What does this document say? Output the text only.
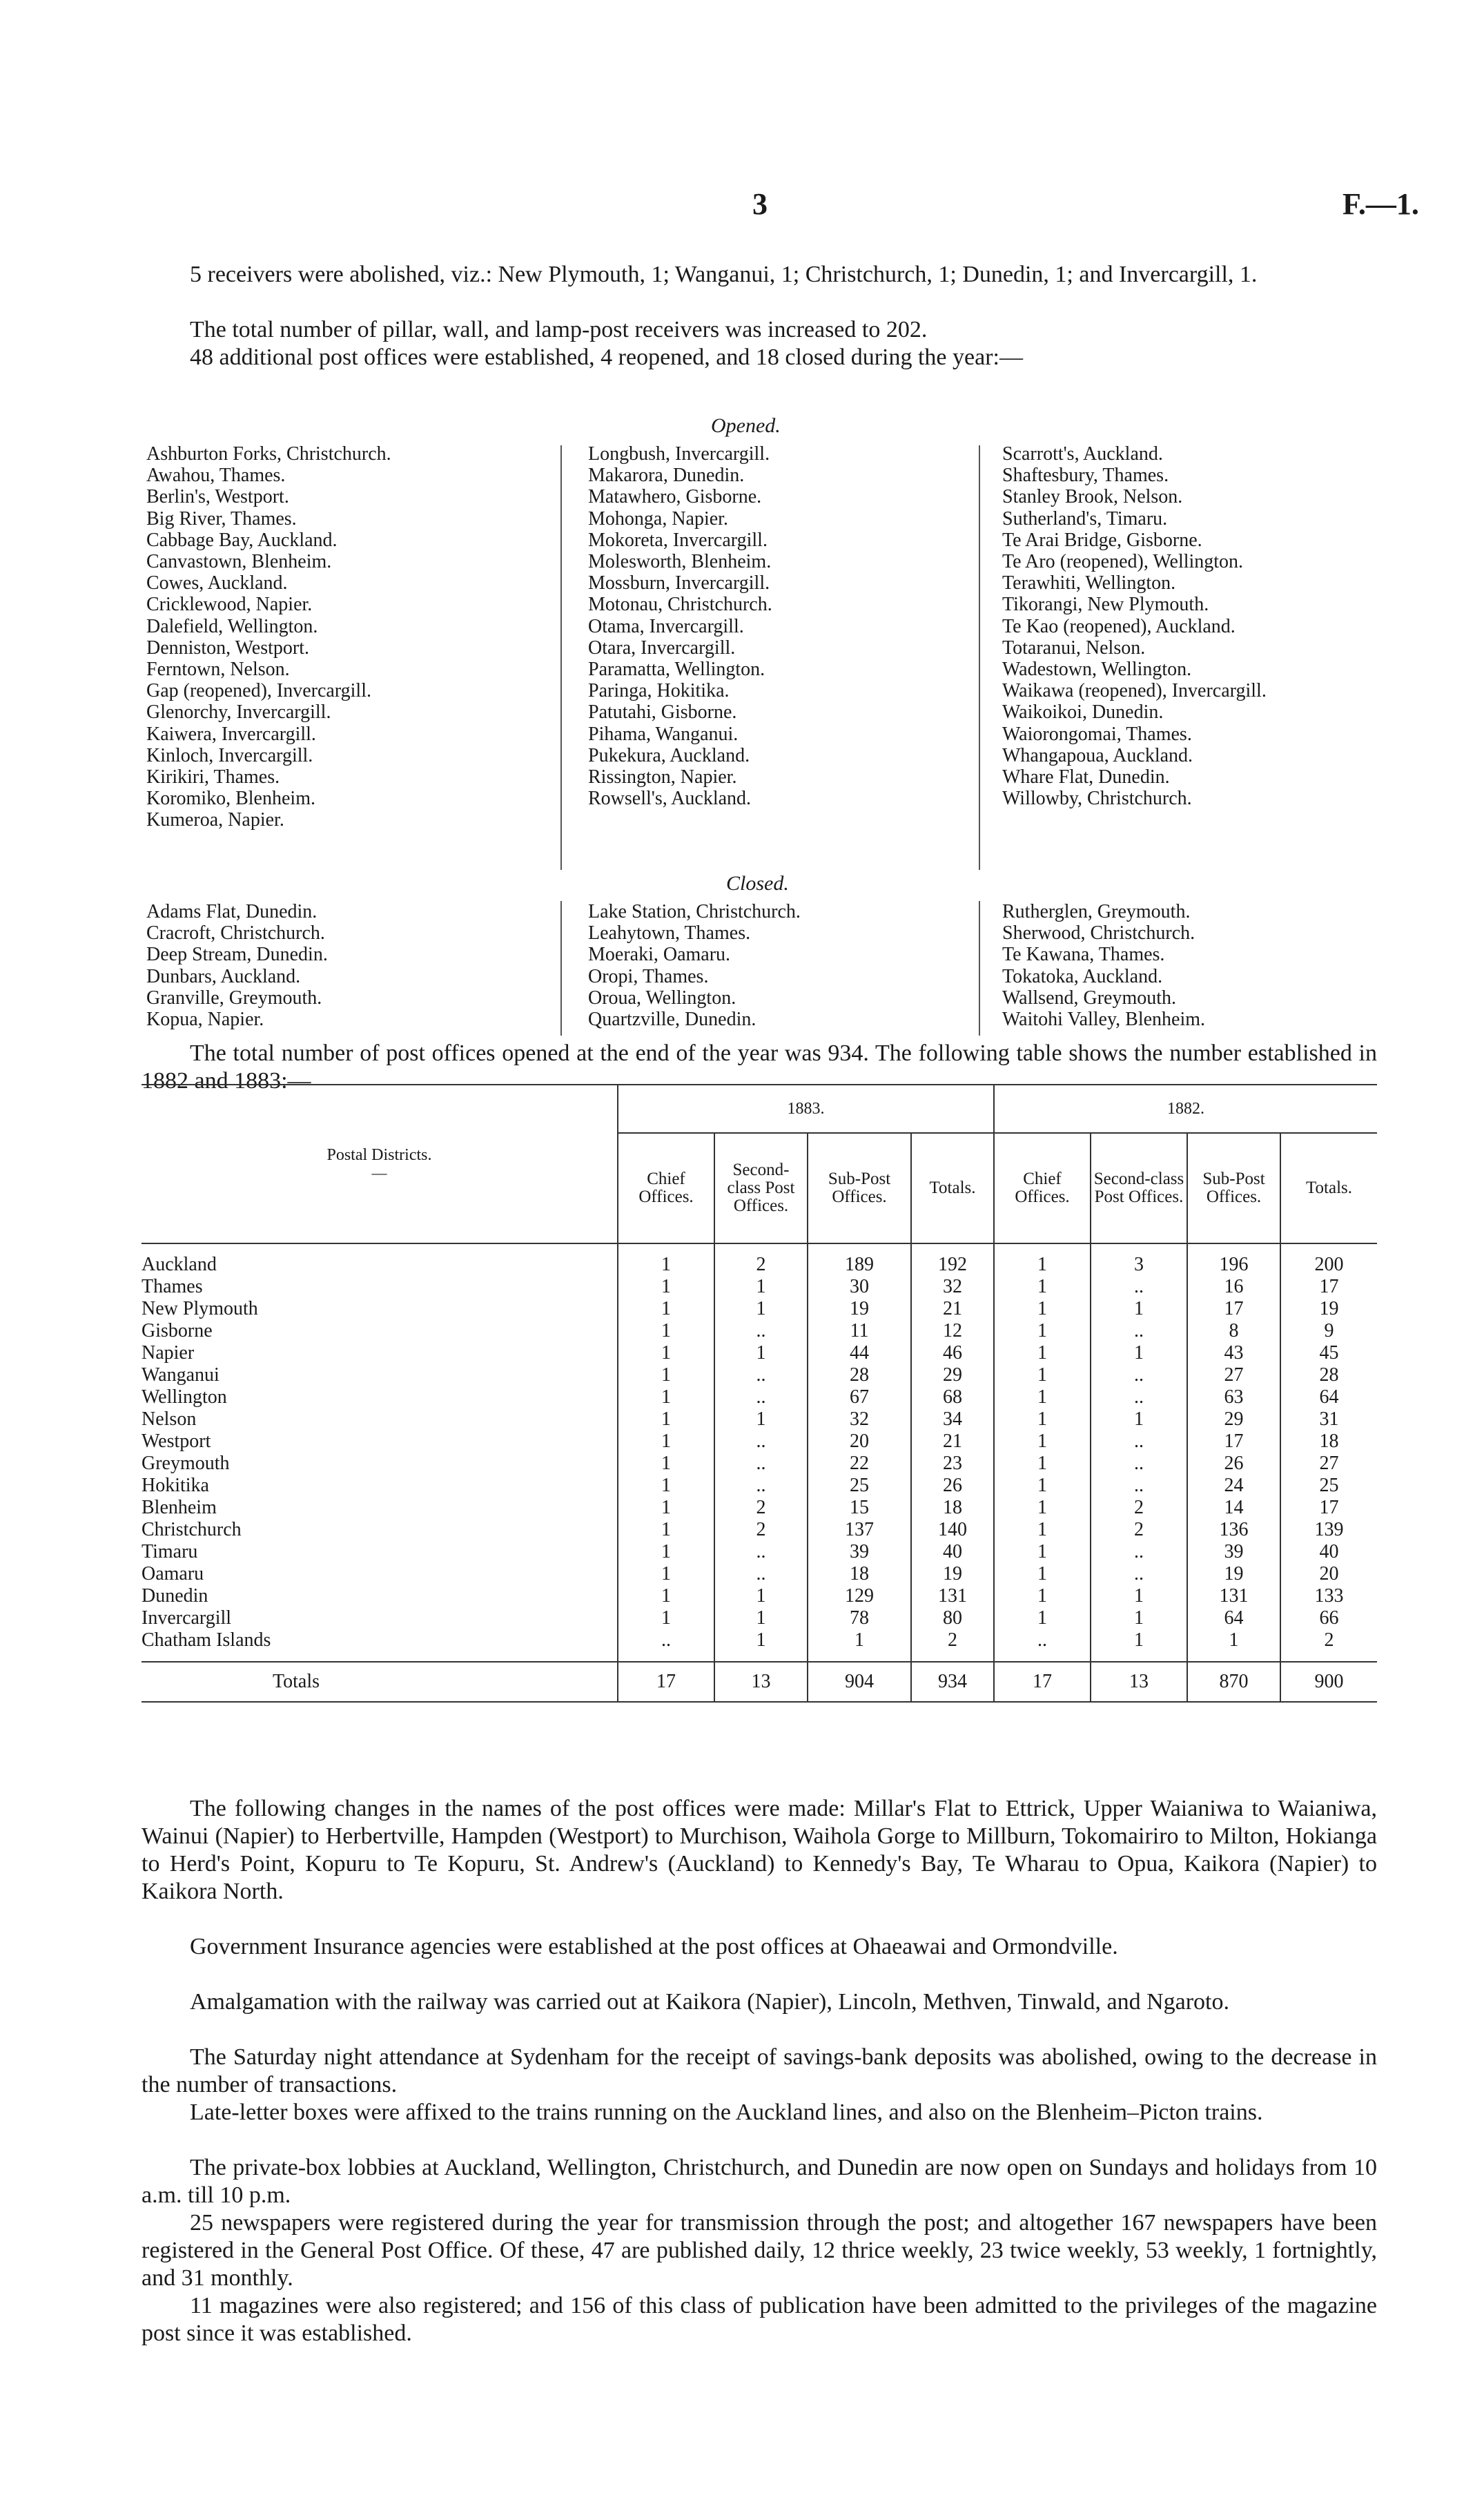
3	F.—1.
5 receivers were abolished, viz.: New Plymouth, 1; Wanganui, 1; Christchurch, 1; Dunedin, 1; and Invercargill, 1.
The total number of pillar, wall, and lamp-post receivers was increased to 202.
48 additional post offices were established, 4 reopened, and 18 closed during the year:—
Opened.
Ashburton Forks, Christchurch.
Awahou, Thames.
Berlin's, Westport.
Big River, Thames.
Cabbage Bay, Auckland.
Canvastown, Blenheim.
Cowes, Auckland.
Cricklewood, Napier.
Dalefield, Wellington.
Denniston, Westport.
Ferntown, Nelson.
Gap (reopened), Invercargill.
Glenorchy, Invercargill.
Kaiwera, Invercargill.
Kinloch, Invercargill.
Kirikiri, Thames.
Koromiko, Blenheim.
Kumeroa, Napier.
Longbush, Invercargill.
Makarora, Dunedin.
Matawhero, Gisborne.
Mohonga, Napier.
Mokoreta, Invercargill.
Molesworth, Blenheim.
Mossburn, Invercargill.
Motonau, Christchurch.
Otama, Invercargill.
Otara, Invercargill.
Paramatta, Wellington.
Paringa, Hokitika.
Patutahi, Gisborne.
Pihama, Wanganui.
Pukekura, Auckland.
Rissington, Napier.
Rowsell's, Auckland.
Scarrott's, Auckland.
Shaftesbury, Thames.
Stanley Brook, Nelson.
Sutherland's, Timaru.
Te Arai Bridge, Gisborne.
Te Aro (reopened), Wellington.
Terawhiti, Wellington.
Tikorangi, New Plymouth.
Te Kao (reopened), Auckland.
Totaranui, Nelson.
Wadestown, Wellington.
Waikawa (reopened), Invercargill.
Waikoikoi, Dunedin.
Waiorongomai, Thames.
Whangapoua, Auckland.
Whare Flat, Dunedin.
Willowby, Christchurch.
Closed.
Adams Flat, Dunedin.
Cracroft, Christchurch.
Deep Stream, Dunedin.
Dunbars, Auckland.
Granville, Greymouth.
Kopua, Napier.
Lake Station, Christchurch.
Leahytown, Thames.
Moeraki, Oamaru.
Oropi, Thames.
Oroua, Wellington.
Quartzville, Dunedin.
Rutherglen, Greymouth.
Sherwood, Christchurch.
Te Kawana, Thames.
Tokatoka, Auckland.
Wallsend, Greymouth.
Waitohi Valley, Blenheim.
The total number of post offices opened at the end of the year was 934. The following table shows the number established in 1882 and 1883:—
Postal Districts.
—	1883.				1882.			
	Chief Offices.	Second-class Post Offices.	Sub-Post Offices.	Totals.	Chief Offices.	Second-class Post Offices.	Sub-Post Offices.	Totals.

Auckland	1	2	189	192	1	3	196	200
Thames	1	1	30	32	1	..	16	17
New Plymouth	1	1	19	21	1	1	17	19
Gisborne	1	..	11	12	1	..	8	9
Napier	1	1	44	46	1	1	43	45
Wanganui	1	..	28	29	1	..	27	28
Wellington	1	..	67	68	1	..	63	64
Nelson	1	1	32	34	1	1	29	31
Westport	1	..	20	21	1	..	17	18
Greymouth	1	..	22	23	1	..	26	27
Hokitika	1	..	25	26	1	..	24	25
Blenheim	1	2	15	18	1	2	14	17
Christchurch	1	2	137	140	1	2	136	139
Timaru	1	..	39	40	1	..	39	40
Oamaru	1	..	18	19	1	..	19	20
Dunedin	1	1	129	131	1	1	131	133
Invercargill	1	1	78	80	1	1	64	66
Chatham Islands	..	1	1	2	..	1	1	2

Totals	17	13	904	934	17	13	870	900
The following changes in the names of the post offices were made: Millar's Flat to Ettrick, Upper Waianiwa to Waianiwa, Wainui (Napier) to Herbertville, Hampden (Westport) to Murchison, Waihola Gorge to Millburn, Tokomairiro to Milton, Hokianga to Herd's Point, Kopuru to Te Kopuru, St. Andrew's (Auckland) to Kennedy's Bay, Te Wharau to Opua, Kaikora (Napier) to Kaikora North.
Government Insurance agencies were established at the post offices at Ohaeawai and Ormondville.
Amalgamation with the railway was carried out at Kaikora (Napier), Lincoln, Methven, Tinwald, and Ngaroto.
The Saturday night attendance at Sydenham for the receipt of savings-bank deposits was abolished, owing to the decrease in the number of transactions.
Late-letter boxes were affixed to the trains running on the Auckland lines, and also on the Blenheim–Picton trains.
The private-box lobbies at Auckland, Wellington, Christchurch, and Dunedin are now open on Sundays and holidays from 10 a.m. till 10 p.m.
25 newspapers were registered during the year for transmission through the post; and altogether 167 newspapers have been registered in the General Post Office. Of these, 47 are published daily, 12 thrice weekly, 23 twice weekly, 53 weekly, 1 fortnightly, and 31 monthly.
11 magazines were also registered; and 156 of this class of publication have been admitted to the privileges of the magazine post since it was established.
